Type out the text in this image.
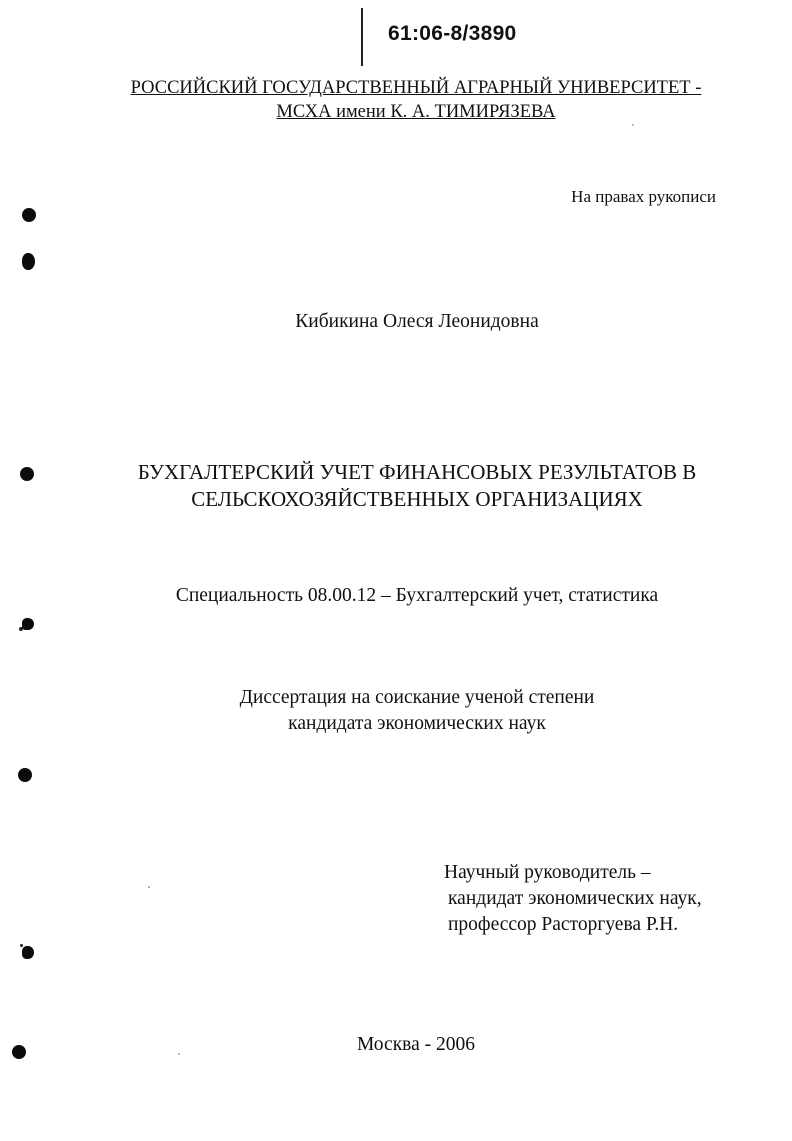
61:06-8/3890
РОССИЙСКИЙ ГОСУДАРСТВЕННЫЙ АГРАРНЫЙ УНИВЕРСИТЕТ -
МСХА имени К. А. ТИМИРЯЗЕВА
На правах рукописи
Кибикина Олеся Леонидовна
БУХГАЛТЕРСКИЙ УЧЕТ ФИНАНСОВЫХ РЕЗУЛЬТАТОВ В
СЕЛЬСКОХОЗЯЙСТВЕННЫХ ОРГАНИЗАЦИЯХ
Специальность 08.00.12 – Бухгалтерский учет, статистика
Диссертация на соискание ученой степени
кандидата экономических наук
Научный руководитель –
кандидат экономических наук,
профессор Расторгуева Р.Н.
Москва - 2006
